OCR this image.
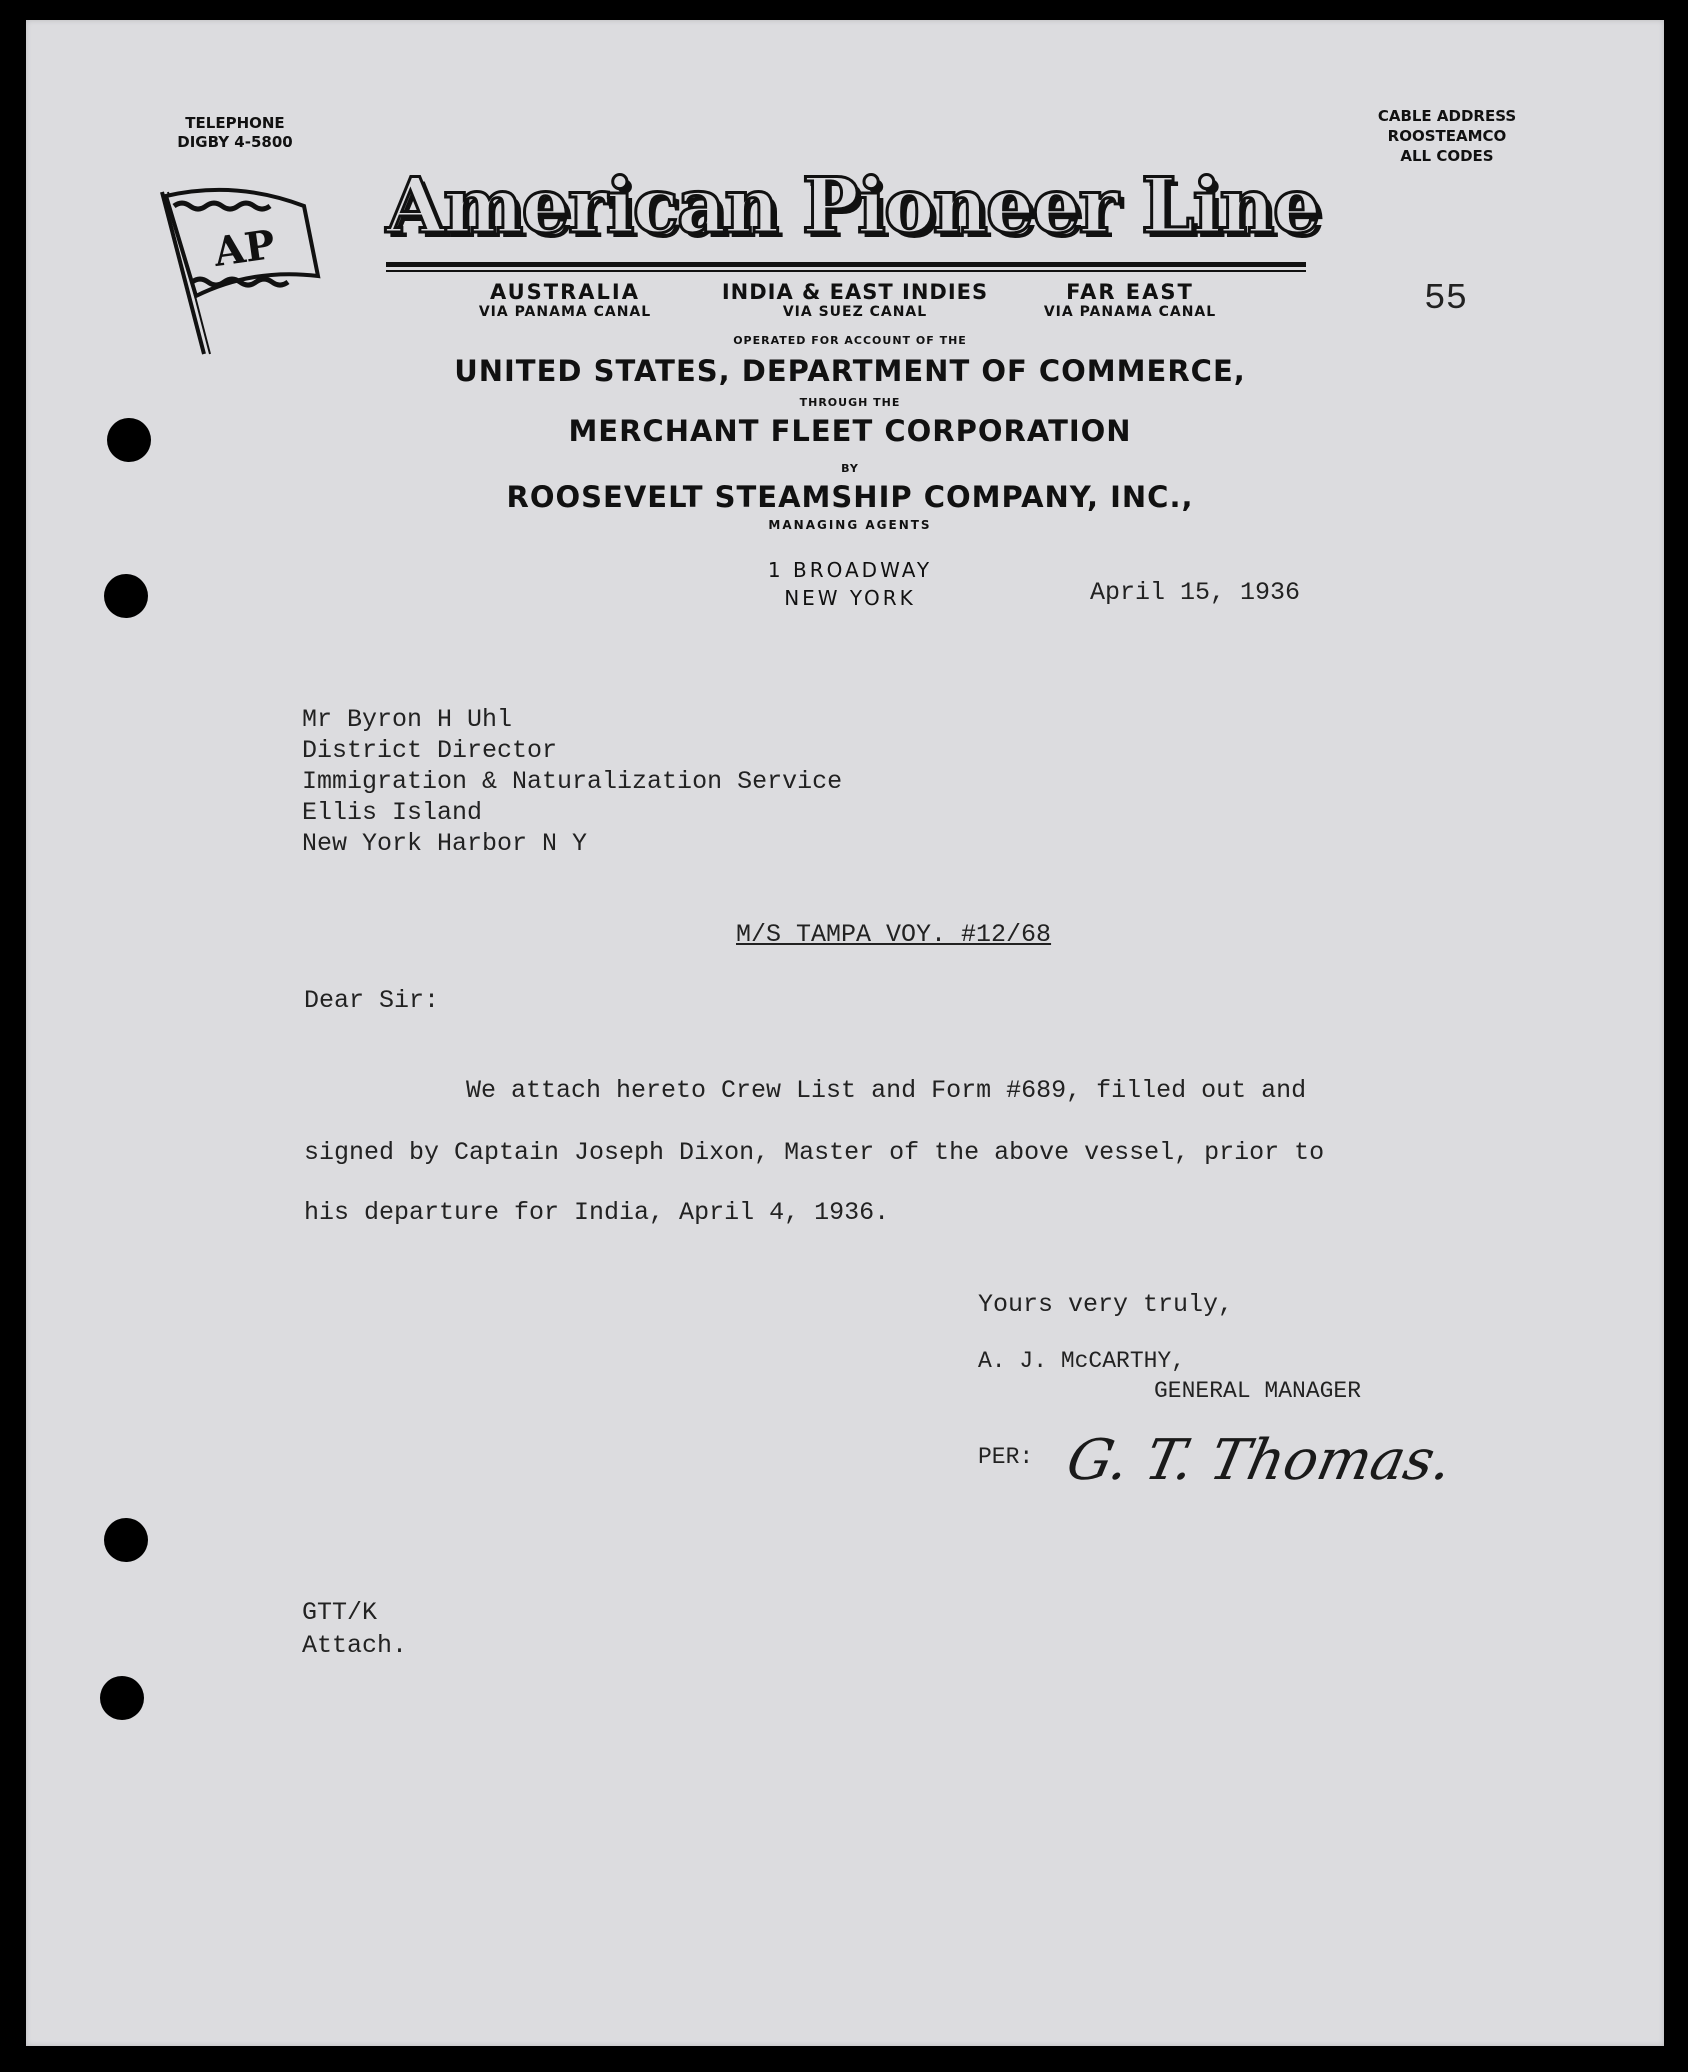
TELEPHONE
DIGBY 4-5800
CABLE ADDRESS
ROOSTEAMCO
ALL CODES
AP American Pioneer Line
55
AUSTRALIA
VIA PANAMA CANAL
INDIA & EAST INDIES
VIA SUEZ CANAL
FAR EAST
VIA PANAMA CANAL
OPERATED FOR ACCOUNT OF THE
UNITED STATES, DEPARTMENT OF COMMERCE,
THROUGH THE
MERCHANT FLEET CORPORATION
BY
ROOSEVELT STEAMSHIP COMPANY, INC.,
MANAGING AGENTS
1 BROADWAY
NEW YORK	April 15, 1936
Mr Byron H Uhl
District Director
Immigration & Naturalization Service
Ellis Island
New York Harbor N Y
M/S TAMPA VOY. #12/68
Dear Sir:
We attach hereto Crew List and Form #689, filled out and
signed by Captain Joseph Dixon, Master of the above vessel, prior to
his departure for India, April 4, 1936.
Yours very truly,
A. J. McCARTHY,
GENERAL MANAGER
PER: G. T. Thomas.
GTT/K
Attach.
